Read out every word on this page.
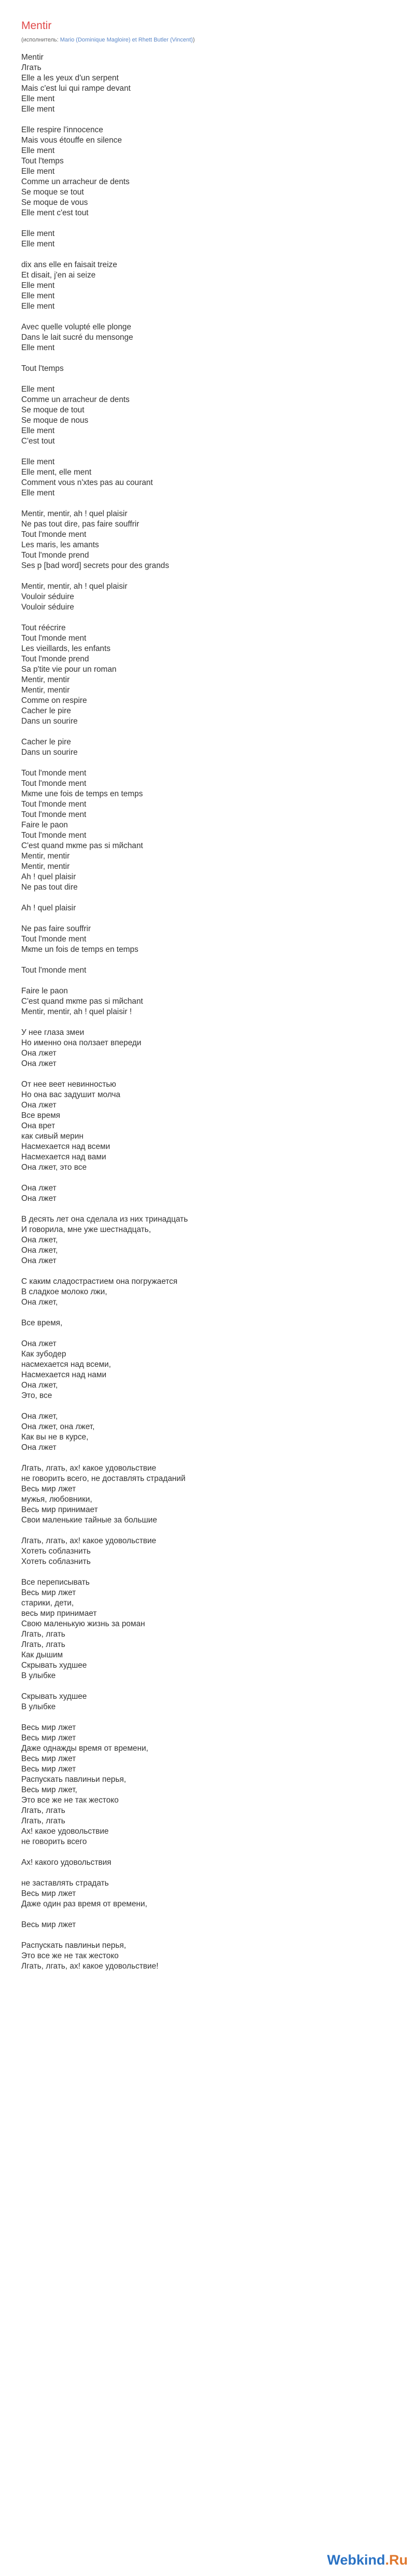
Mentir
(исполнитель: Mario (Dominique Magloire) et Rhett Butler (Vincent))
Mentir
Лгать
Elle a les yeux d'un serpent
Mais c'est lui qui rampe devant
Elle ment
Elle ment
Elle respire l'innocence
Mais vous étouffe en silence
Elle ment
Tout l'temps
Elle ment
Comme un arracheur de dents
Se moque se tout
Se moque de vous
Elle ment c'est tout
Elle ment
Elle ment
dix ans elle en faisait treize
Et disait, j'en ai seize
Elle ment
Elle ment
Elle ment
Avec quelle volupté elle plonge
Dans le lait sucré du mensonge
Elle ment
Tout l'temps
Elle ment
Comme un arracheur de dents
Se moque de tout
Se moque de nous
Elle ment
C'est tout
Elle ment
Elle ment, elle ment
Comment vous n'xtes pas au courant
Elle ment
Mentir, mentir, ah ! quel plaisir
Ne pas tout dire, pas faire souffrir
Tout l'monde ment
Les maris, les amants
Tout l'monde prend
Ses p [bad word] secrets pour des grands
Mentir, mentir, ah ! quel plaisir
Vouloir séduire
Vouloir séduire
Tout réécrire
Tout l'monde ment
Les vieillards, les enfants
Tout l'monde prend
Sa p'tite vie pour un roman
Mentir, mentir
Mentir, mentir
Comme on respire
Cacher le pire
Dans un sourire
Cacher le pire
Dans un sourire
Tout l'monde ment
Tout l'monde ment
Mкme une fois de temps en temps
Tout l'monde ment
Tout l'monde ment
Faire le paon
Tout l'monde ment
C'est quand mкme pas si mйchant
Mentir, mentir
Mentir, mentir
Ah ! quel plaisir
Ne pas tout dire
Ah ! quel plaisir
Ne pas faire souffrir
Tout l'monde ment
Mкme un fois de temps en temps
Tout l'monde ment
Faire le paon
C'est quand mкme pas si mйchant
Mentir, mentir, ah ! quel plaisir !
У нее глаза змеи
Но именно она ползает впереди
Она лжет
Она лжет
От нее веет невинностью
Но она вас задушит молча
Она лжет
Все время
Она врет
как сивый мерин
Насмехается над всеми
Насмехается над вами
Она лжет, это все
Она лжет
Она лжет
В десять лет она сделала из них тринадцать
И говорила, мне уже шестнадцать,
Она лжет,
Она лжет,
Она лжет
С каким сладострастием она погружается
В сладкое молоко лжи,
Она лжет,
Все время,
Она лжет
Как зубодер
насмехается над всеми,
Насмехается над нами
Она лжет,
Это, все
Она лжет,
Она лжет, она лжет,
Как вы не в курсе,
Она лжет
Лгать, лгать, ах! какое удовольствие
не говорить всего, не доставлять страданий
Весь мир лжет
мужья, любовники,
Весь мир принимает
Свои маленькие тайные за большие
Лгать, лгать, ах! какое удовольствие
Хотеть соблазнить
Хотеть соблазнить
Все переписывать
Весь мир лжет
старики, дети,
весь мир принимает
Свою маленькую жизнь за роман
Лгать, лгать
Лгать, лгать
Как дышим
Скрывать худшее
В улыбке
Скрывать худшее
В улыбке
Весь мир лжет
Весь мир лжет
Даже однажды время от времени,
Весь мир лжет
Весь мир лжет
Распускать павлиньи перья,
Весь мир лжет,
Это все же не так жестоко
Лгать, лгать
Лгать, лгать
Ах! какое удовольствие
не говорить всего
Ах! какого удовольствия
не заставлять страдать
Весь мир лжет
Даже один раз время от времени,
Весь мир лжет
Распускать павлиньи перья,
Это все же не так жестоко
Лгать, лгать, ах! какое удовольствие!
Webkind.Ru
